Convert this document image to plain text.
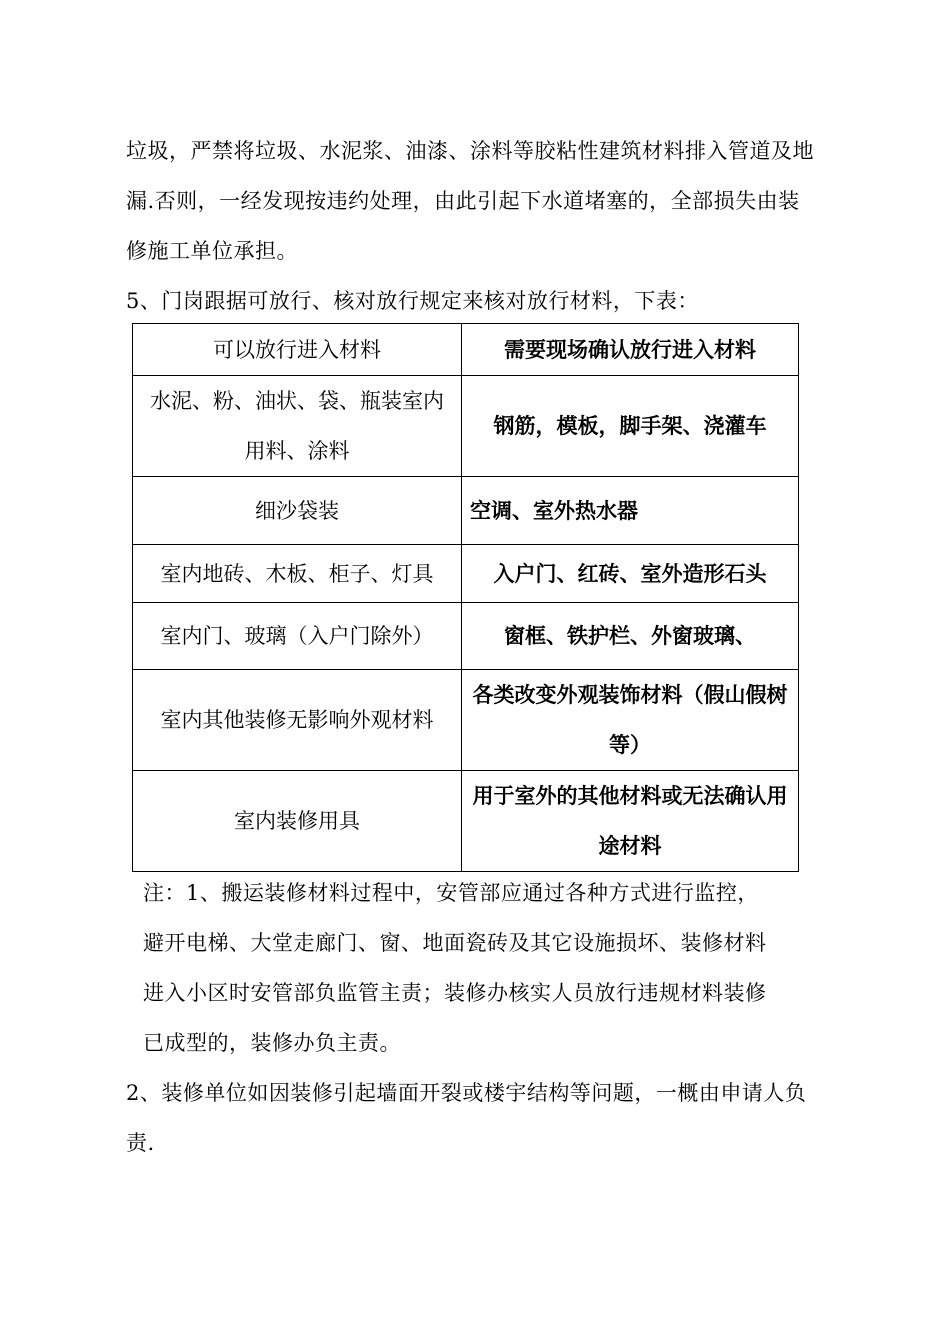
垃圾，严禁将垃圾、水泥浆、油漆、涂料等胶粘性建筑材料排入管道及地
漏.否则，一经发现按违约处理，由此引起下水道堵塞的，全部损失由装
修施工单位承担。
5、门岗跟据可放行、核对放行规定来核对放行材料，下表：
可以放行进入材料	需要现场确认放行进入材料
水泥、粉、油状、袋、瓶装室内用料、涂料	钢筋，模板，脚手架、浇灌车
细沙袋装	空调、室外热水器
室内地砖、木板、柜子、灯具	入户门、红砖、室外造形石头
室内门、玻璃（入户门除外）	窗框、铁护栏、外窗玻璃、
室内其他装修无影响外观材料	各类改变外观装饰材料（假山假树等）
室内装修用具	用于室外的其他材料或无法确认用途材料
注：1、搬运装修材料过程中，安管部应通过各种方式进行监控，
避开电梯、大堂走廊门、窗、地面瓷砖及其它设施损坏、装修材料
进入小区时安管部负监管主责；装修办核实人员放行违规材料装修
已成型的，装修办负主责。
2、装修单位如因装修引起墙面开裂或楼宇结构等问题，一概由申请人负
责.
